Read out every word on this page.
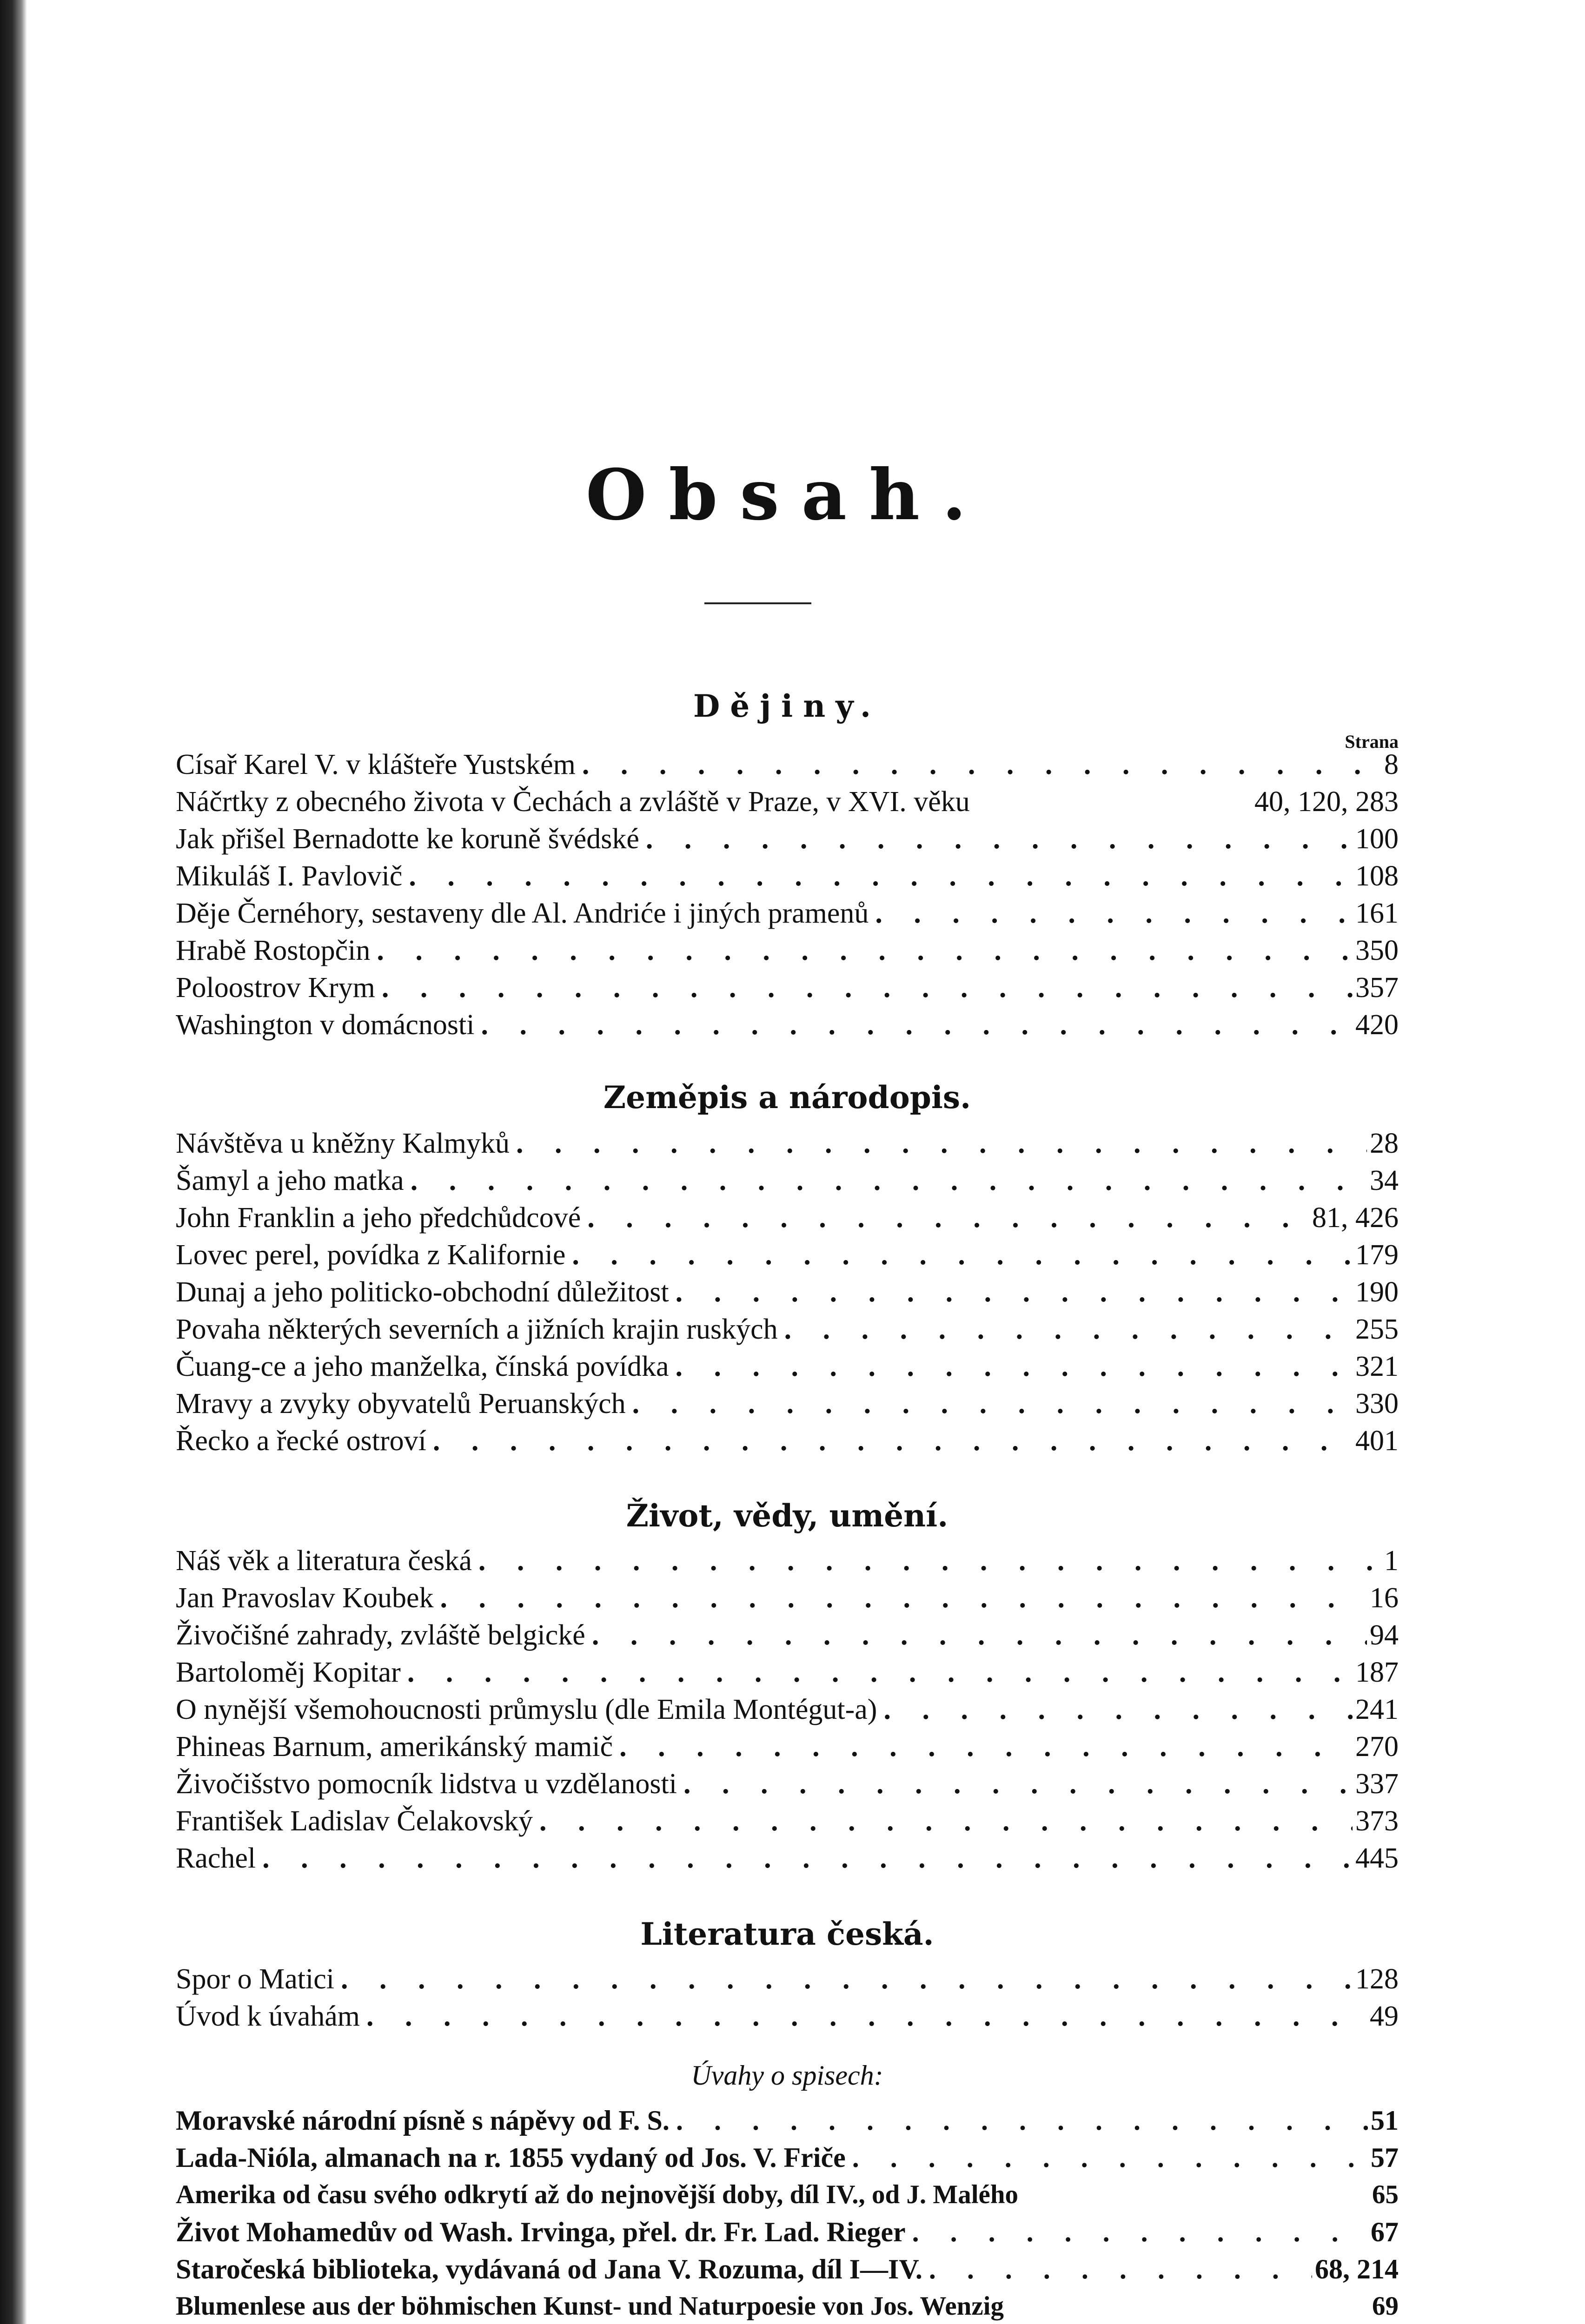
Obsah.
Dějiny.
Strana
Císař Karel V. v klášteře Yustském . . .	8
Náčrtky z obecného života v Čechách a zvláště v Praze, v XVI. věku	40, 120, 283
Jak přišel Bernadotte ke koruně švédské . . .	100
Mikuláš I. Pavlovič . . .	108
Děje Černéhory, sestaveny dle Al. Andriće i jiných pramenů . . .	161
Hrabě Rostopčin . . .	350
Poloostrov Krym . . .	357
Washington v domácnosti . . .	420
Zeměpis a národopis.
Návštěva u kněžny Kalmyků . . .	28
Šamyl a jeho matka . . .	34
John Franklin a jeho předchůdcové . . .	81, 426
Lovec perel, povídka z Kalifornie . . .	179
Dunaj a jeho politicko-obchodní důležitost . . .	190
Povaha některých severních a jižních krajin ruských . . .	255
Čuang-ce a jeho manželka, čínská povídka . . .	321
Mravy a zvyky obyvatelů Peruanských . . .	330
Řecko a řecké ostroví . . .	401
Život, vědy, umění.
Náš věk a literatura česká . . .	1
Jan Pravoslav Koubek . . .	16
Živočišné zahrady, zvláště belgické . . .	94
Bartoloměj Kopitar . . .	187
O nynější všemohoucnosti průmyslu (dle Emila Montégut-a) . . .	241
Phineas Barnum, amerikánský mamič . . .	270
Živočišstvo pomocník lidstva u vzdělanosti . . .	337
František Ladislav Čelakovský . . .	373
Rachel . . .	445
Literatura česká.
Spor o Matici . . .	128
Úvod k úvahám . . .	49
Úvahy o spisech:
Moravské národní písně s nápěvy od F. S. . . .	51
Lada-Nióla, almanach na r. 1855 vydaný od Jos. V. Friče . . .	57
Amerika od času svého odkrytí až do nejnovější doby, díl IV., od J. Malého	65
Život Mohamedův od Wash. Irvinga, přel. dr. Fr. Lad. Rieger . . .	67
Staročeská biblioteka, vydávaná od Jana V. Rozuma, díl I—IV. . . .	68, 214
Blumenlese aus der böhmischen Kunst- und Naturpoesie von Jos. Wenzig	69
